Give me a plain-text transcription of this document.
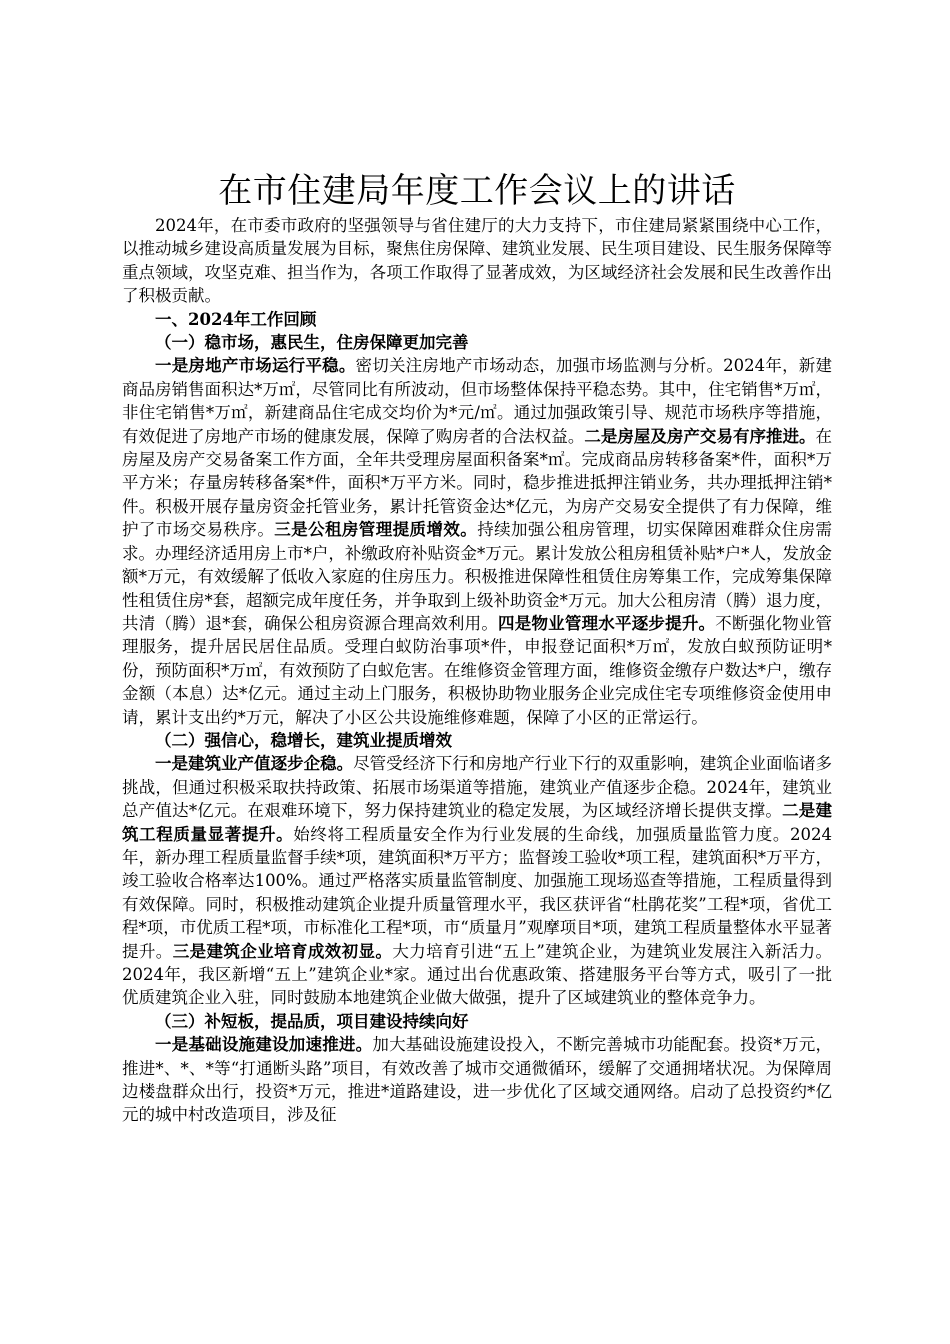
在市住建局年度工作会议上的讲话

2024年，在市委市政府的坚强领导与省住建厅的大力支持下，市住建局紧紧围绕中心工作，以推动城乡建设高质量发展为目标，聚焦住房保障、建筑业发展、民生项目建设、民生服务保障等重点领域，攻坚克难、担当作为，各项工作取得了显著成效，为区域经济社会发展和民生改善作出了积极贡献。

一、2024年工作回顾

（一）稳市场，惠民生，住房保障更加完善

一是房地产市场运行平稳。密切关注房地产市场动态，加强市场监测与分析。2024年，新建商品房销售面积达*万㎡，尽管同比有所波动，但市场整体保持平稳态势。其中，住宅销售*万㎡，非住宅销售*万㎡，新建商品住宅成交均价为*元/㎡。通过加强政策引导、规范市场秩序等措施，有效促进了房地产市场的健康发展，保障了购房者的合法权益。二是房屋及房产交易有序推进。在房屋及房产交易备案工作方面，全年共受理房屋面积备案*㎡。完成商品房转移备案*件，面积*万平方米；存量房转移备案*件，面积*万平方米。同时，稳步推进抵押注销业务，共办理抵押注销*件。积极开展存量房资金托管业务，累计托管资金达*亿元，为房产交易安全提供了有力保障，维护了市场交易秩序。三是公租房管理提质增效。持续加强公租房管理，切实保障困难群众住房需求。办理经济适用房上市*户，补缴政府补贴资金*万元。累计发放公租房租赁补贴*户*人，发放金额*万元，有效缓解了低收入家庭的住房压力。积极推进保障性租赁住房筹集工作，完成筹集保障性租赁住房*套，超额完成年度任务，并争取到上级补助资金*万元。加大公租房清（腾）退力度，共清（腾）退*套，确保公租房资源合理高效利用。四是物业管理水平逐步提升。不断强化物业管理服务，提升居民居住品质。受理白蚁防治事项*件，申报登记面积*万㎡，发放白蚁预防证明*份，预防面积*万㎡，有效预防了白蚁危害。在维修资金管理方面，维修资金缴存户数达*户，缴存金额（本息）达*亿元。通过主动上门服务，积极协助物业服务企业完成住宅专项维修资金使用申请，累计支出约*万元，解决了小区公共设施维修难题，保障了小区的正常运行。

（二）强信心，稳增长，建筑业提质增效

一是建筑业产值逐步企稳。尽管受经济下行和房地产行业下行的双重影响，建筑企业面临诸多挑战，但通过积极采取扶持政策、拓展市场渠道等措施，建筑业产值逐步企稳。2024年，建筑业总产值达*亿元。在艰难环境下，努力保持建筑业的稳定发展，为区域经济增长提供支撑。二是建筑工程质量显著提升。始终将工程质量安全作为行业发展的生命线，加强质量监管力度。2024年，新办理工程质量监督手续*项，建筑面积*万平方；监督竣工验收*项工程，建筑面积*万平方，竣工验收合格率达100%。通过严格落实质量监管制度、加强施工现场巡查等措施，工程质量得到有效保障。同时，积极推动建筑企业提升质量管理水平，我区获评省“杜鹃花奖”工程*项，省优工程*项，市优质工程*项，市标准化工程*项，市“质量月”观摩项目*项，建筑工程质量整体水平显著提升。三是建筑企业培育成效初显。大力培育引进“五上”建筑企业，为建筑业发展注入新活力。2024年，我区新增“五上”建筑企业*家。通过出台优惠政策、搭建服务平台等方式，吸引了一批优质建筑企业入驻，同时鼓励本地建筑企业做大做强，提升了区域建筑业的整体竞争力。

（三）补短板，提品质，项目建设持续向好

一是基础设施建设加速推进。加大基础设施建设投入，不断完善城市功能配套。投资*万元，推进*、*、*等“打通断头路”项目，有效改善了城市交通微循环，缓解了交通拥堵状况。为保障周边楼盘群众出行，投资*万元，推进*道路建设，进一步优化了区域交通网络。启动了总投资约*亿元的城中村改造项目，涉及征
